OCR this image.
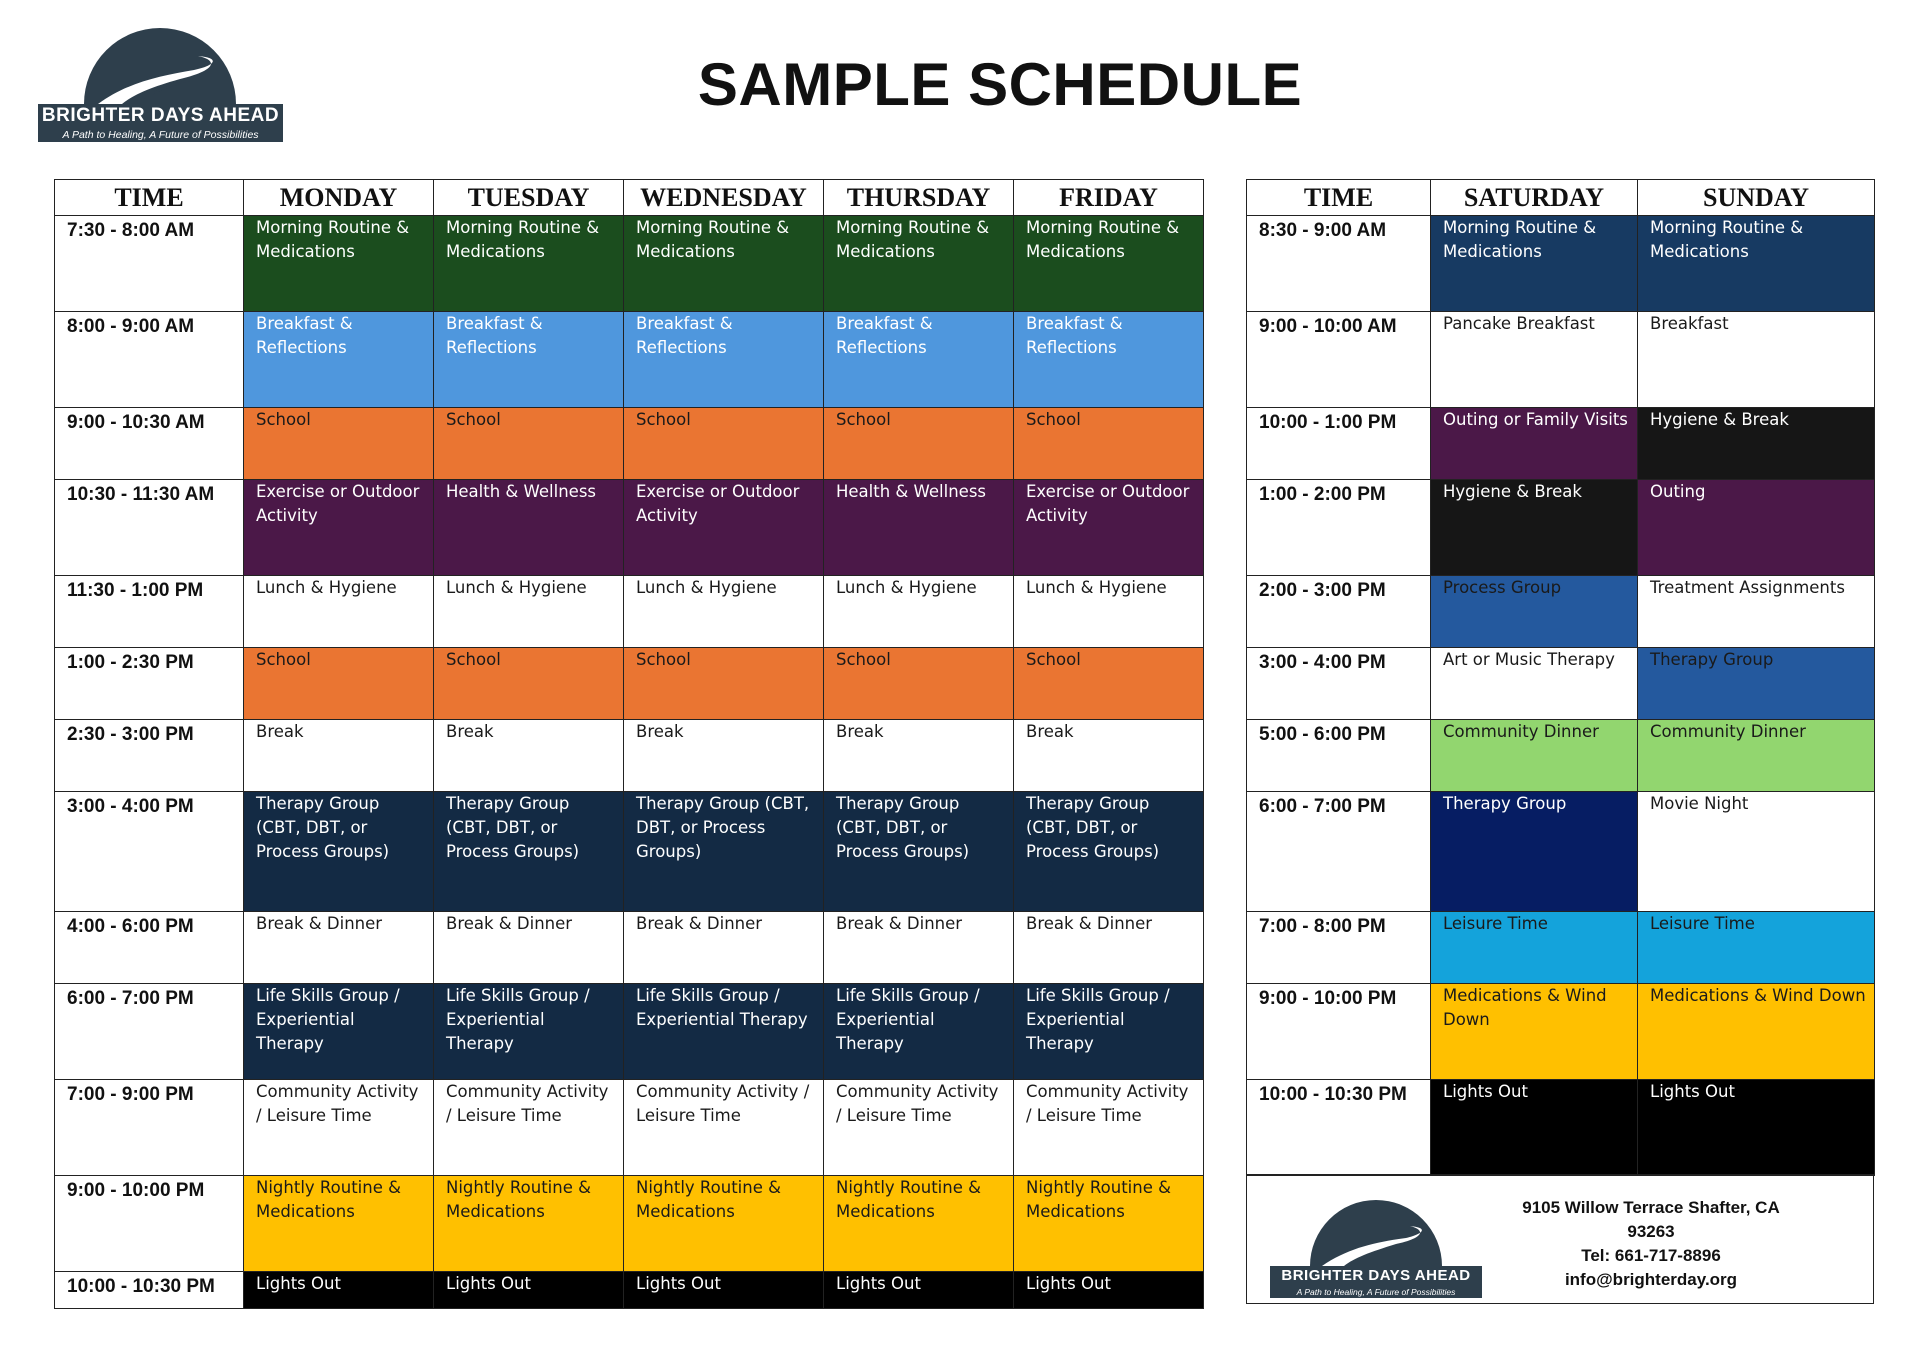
BRIGHTER DAYS AHEAD
A Path to Healing, A Future of Possibilities
SAMPLE SCHEDULE
TIME	MONDAY	TUESDAY	WEDNESDAY	THURSDAY	FRIDAY
7:30 - 8:00 AM	Morning Routine & Medications	Morning Routine & Medications	Morning Routine & Medications	Morning Routine & Medications	Morning Routine & Medications
8:00 - 9:00 AM	Breakfast & Reflections	Breakfast & Reflections	Breakfast & Reflections	Breakfast & Reflections	Breakfast & Reflections
9:00 - 10:30 AM	School	School	School	School	School
10:30 - 11:30 AM	Exercise or Outdoor Activity	Health & Wellness	Exercise or Outdoor Activity	Health & Wellness	Exercise or Outdoor Activity
11:30 - 1:00 PM	Lunch & Hygiene	Lunch & Hygiene	Lunch & Hygiene	Lunch & Hygiene	Lunch & Hygiene
1:00 - 2:30 PM	School	School	School	School	School
2:30 - 3:00 PM	Break	Break	Break	Break	Break
3:00 - 4:00 PM	Therapy Group (CBT, DBT, or Process Groups)	Therapy Group (CBT, DBT, or Process Groups)	Therapy Group (CBT, DBT, or Process Groups)	Therapy Group (CBT, DBT, or Process Groups)	Therapy Group (CBT, DBT, or Process Groups)
4:00 - 6:00 PM	Break & Dinner	Break & Dinner	Break & Dinner	Break & Dinner	Break & Dinner
6:00 - 7:00 PM	Life Skills Group / Experiential Therapy	Life Skills Group / Experiential Therapy	Life Skills Group / Experiential Therapy	Life Skills Group / Experiential Therapy	Life Skills Group / Experiential Therapy
7:00 - 9:00 PM	Community Activity / Leisure Time	Community Activity / Leisure Time	Community Activity / Leisure Time	Community Activity / Leisure Time	Community Activity / Leisure Time
9:00 - 10:00 PM	Nightly Routine & Medications	Nightly Routine & Medications	Nightly Routine & Medications	Nightly Routine & Medications	Nightly Routine & Medications
10:00 - 10:30 PM	Lights Out	Lights Out	Lights Out	Lights Out	Lights Out
TIME	SATURDAY	SUNDAY
8:30 - 9:00 AM	Morning Routine & Medications	Morning Routine & Medications
9:00 - 10:00 AM	Pancake Breakfast	Breakfast
10:00 - 1:00 PM	Outing or Family Visits	Hygiene & Break
1:00 - 2:00 PM	Hygiene & Break	Outing
2:00 - 3:00 PM	Process Group	Treatment Assignments
3:00 - 4:00 PM	Art or Music Therapy	Therapy Group
5:00 - 6:00 PM	Community Dinner	Community Dinner
6:00 - 7:00 PM	Therapy Group	Movie Night
7:00 - 8:00 PM	Leisure Time	Leisure Time
9:00 - 10:00 PM	Medications & Wind Down	Medications & Wind Down
10:00 - 10:30 PM	Lights Out	Lights Out
BRIGHTER DAYS AHEAD
A Path to Healing, A Future of Possibilities
9105 Willow Terrace Shafter, CA
93263
Tel: 661-717-8896
info@brighterday.org
